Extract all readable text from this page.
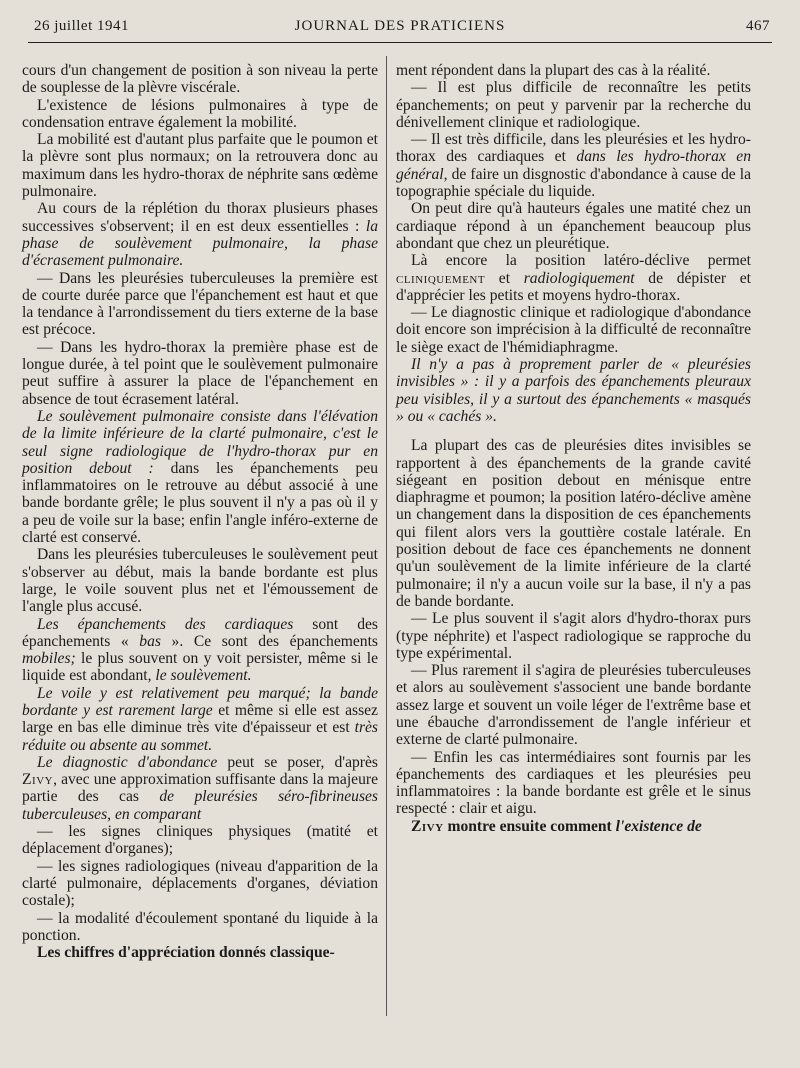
26 juillet 1941	JOURNAL DES PRATICIENS	467

cours d'un changement de position à son niveau la perte de souplesse de la plèvre viscérale.

L'existence de lésions pulmonaires à type de condensation entrave également la mobilité.

La mobilité est d'autant plus parfaite que le poumon et la plèvre sont plus normaux; on la retrouvera donc au maximum dans les hydro-thorax de néphrite sans œdème pulmonaire.

Au cours de la réplétion du thorax plusieurs phases successives s'observent; il en est deux essentielles : la phase de soulèvement pulmonaire, la phase d'écrasement pulmonaire.

— Dans les pleurésies tuberculeuses la première est de courte durée parce que l'épanchement est haut et que la tendance à l'arrondissement du tiers externe de la base est précoce.

— Dans les hydro-thorax la première phase est de longue durée, à tel point que le soulèvement pulmonaire peut suffire à assurer la place de l'épanchement en absence de tout écrasement latéral.

Le soulèvement pulmonaire consiste dans l'élévation de la limite inférieure de la clarté pulmonaire, c'est le seul signe radiologique de l'hydro-thorax pur en position debout : dans les épanchements peu inflammatoires on le retrouve au début associé à une bande bordante grêle; le plus souvent il n'y a pas où il y a peu de voile sur la base; enfin l'angle inféro-externe de clarté est conservé.

Dans les pleurésies tuberculeuses le soulèvement peut s'observer au début, mais la bande bordante est plus large, le voile souvent plus net et l'émoussement de l'angle plus accusé.

Les épanchements des cardiaques sont des épanchements « bas ». Ce sont des épanchements mobiles; le plus souvent on y voit persister, même si le liquide est abondant, le soulèvement.

Le voile y est relativement peu marqué; la bande bordante y est rarement large et même si elle est assez large en bas elle diminue très vite d'épaisseur et est très réduite ou absente au sommet.

Le diagnostic d'abondance peut se poser, d'après Zivy, avec une approximation suffisante dans la majeure partie des cas de pleurésies séro-fibrineuses tuberculeuses, en comparant

— les signes cliniques physiques (matité et déplacement d'organes);

— les signes radiologiques (niveau d'apparition de la clarté pulmonaire, déplacements d'organes, déviation costale);

— la modalité d'écoulement spontané du liquide à la ponction.

Les chiffres d'appréciation donnés classique-

ment répondent dans la plupart des cas à la réalité.

— Il est plus difficile de reconnaître les petits épanchements; on peut y parvenir par la recherche du dénivellement clinique et radiologique.

— Il est très difficile, dans les pleurésies et les hydro-thorax des cardiaques et dans les hydro-thorax en général, de faire un disgnostic d'abondance à cause de la topographie spéciale du liquide.

On peut dire qu'à hauteurs égales une matité chez un cardiaque répond à un épanchement beaucoup plus abondant que chez un pleurétique.

Là encore la position latéro-déclive permet cliniquement et radiologiquement de dépister et d'apprécier les petits et moyens hydro-thorax.

— Le diagnostic clinique et radiologique d'abondance doit encore son imprécision à la difficulté de reconnaître le siège exact de l'hémidiaphragme.

Il n'y a pas à proprement parler de « pleurésies invisibles » : il y a parfois des épanchements pleuraux peu visibles, il y a surtout des épanchements « masqués » ou « cachés ».

La plupart des cas de pleurésies dites invisibles se rapportent à des épanchements de la grande cavité siégeant en position debout en ménisque entre diaphragme et poumon; la position latéro-déclive amène un changement dans la disposition de ces épanchements qui filent alors vers la gouttière costale latérale. En position debout de face ces épanchements ne donnent qu'un soulèvement de la limite inférieure de la clarté pulmonaire; il n'y a aucun voile sur la base, il n'y a pas de bande bordante.

— Le plus souvent il s'agit alors d'hydro-thorax purs (type néphrite) et l'aspect radiologique se rapproche du type expérimental.

— Plus rarement il s'agira de pleurésies tuberculeuses et alors au soulèvement s'associent une bande bordante assez large et souvent un voile léger de l'extrême base et une ébauche d'arrondissement de l'angle inférieur et externe de clarté pulmonaire.

— Enfin les cas intermédiaires sont fournis par les épanchements des cardiaques et les pleurésies peu inflammatoires : la bande bordante est grêle et le sinus respecté : clair et aigu.

Zivy montre ensuite comment l'existence de
